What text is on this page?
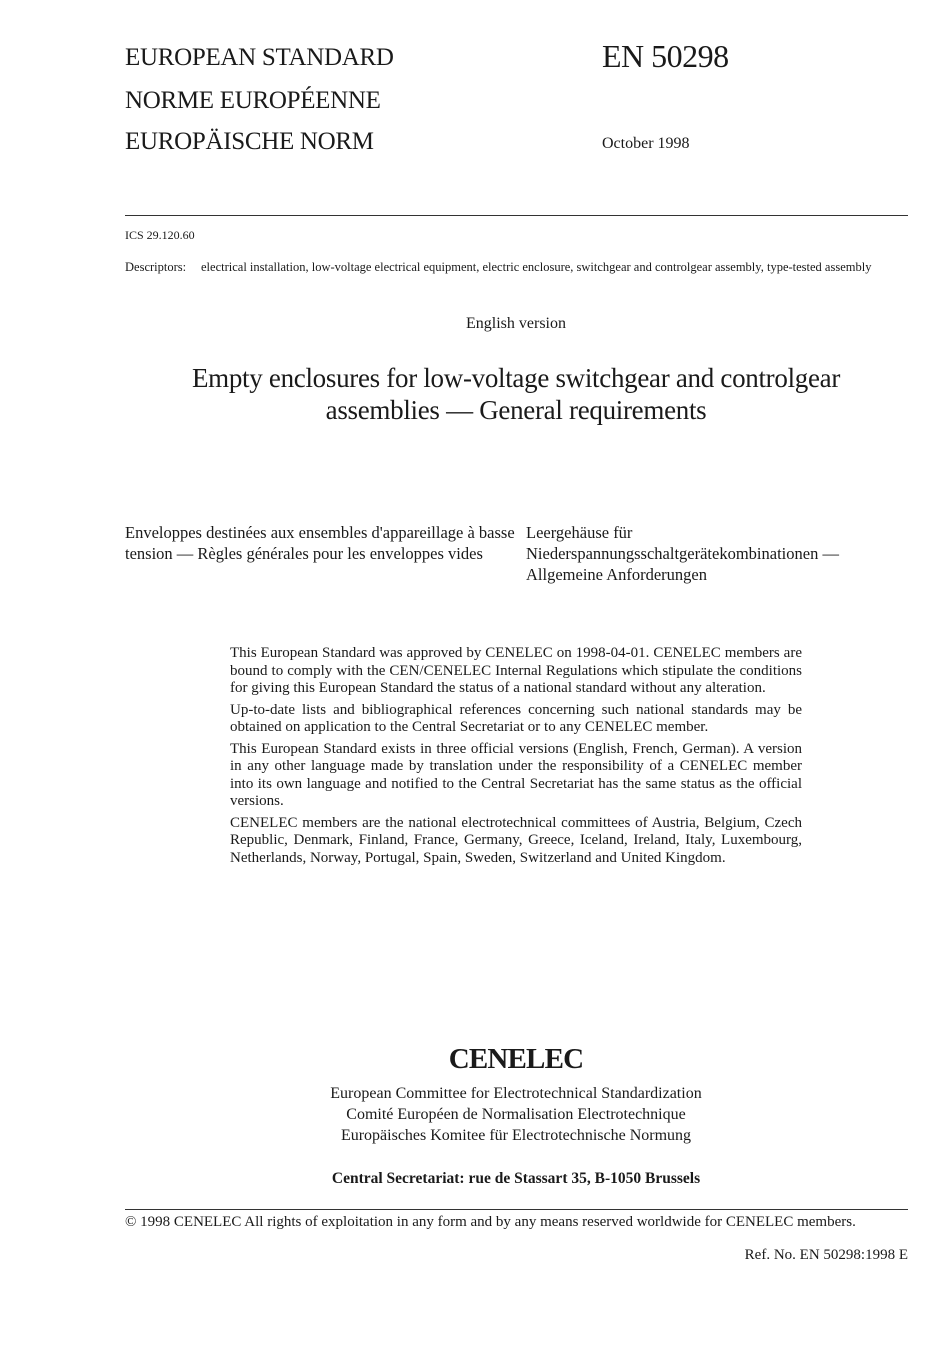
EUROPEAN STANDARD
NORME EUROPÉENNE
EUROPÄISCHE NORM
EN 50298
October 1998
ICS 29.120.60
Descriptors: electrical installation, low-voltage electrical equipment, electric enclosure, switchgear and controlgear assembly, type-tested assembly
English version
Empty enclosures for low-voltage switchgear and controlgear assemblies — General requirements
Enveloppes destinées aux ensembles d'appareillage à basse tension — Règles générales pour les enveloppes vides
Leergehäuse für Niederspannungsschaltgerätekombinationen — Allgemeine Anforderungen

This European Standard was approved by CENELEC on 1998-04-01. CENELEC members are bound to comply with the CEN/CENELEC Internal Regulations which stipulate the conditions for giving this European Standard the status of a national standard without any alteration.

Up-to-date lists and bibliographical references concerning such national standards may be obtained on application to the Central Secretariat or to any CENELEC member.

This European Standard exists in three official versions (English, French, German). A version in any other language made by translation under the responsibility of a CENELEC member into its own language and notified to the Central Secretariat has the same status as the official versions.

CENELEC members are the national electrotechnical committees of Austria, Belgium, Czech Republic, Denmark, Finland, France, Germany, Greece, Iceland, Ireland, Italy, Luxembourg, Netherlands, Norway, Portugal, Spain, Sweden, Switzerland and United Kingdom.

CENELEC
European Committee for Electrotechnical Standardization
Comité Européen de Normalisation Electrotechnique
Europäisches Komitee für Electrotechnische Normung
Central Secretariat: rue de Stassart 35, B-1050 Brussels
© 1998 CENELEC All rights of exploitation in any form and by any means reserved worldwide for CENELEC members.
Ref. No. EN 50298:1998 E
